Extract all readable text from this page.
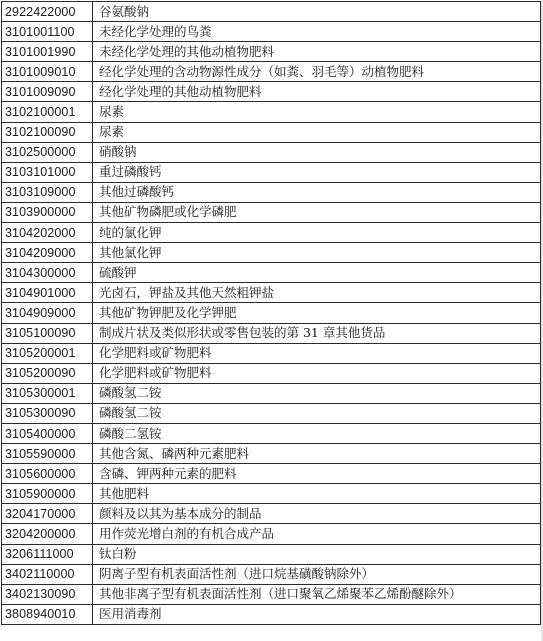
2922422000	谷氨酸钠
3101001100	未经化学处理的鸟粪
3101001990	未经化学处理的其他动植物肥料
3101009010	经化学处理的含动物源性成分（如粪、羽毛等）动植物肥料
3101009090	经化学处理的其他动植物肥料
3102100001	尿素
3102100090	尿素
3102500000	硝酸钠
3103101000	重过磷酸钙
3103109000	其他过磷酸钙
3103900000	其他矿物磷肥或化学磷肥
3104202000	纯的氯化钾
3104209000	其他氯化钾
3104300000	硫酸钾
3104901000	光卤石，钾盐及其他天然粗钾盐
3104909000	其他矿物钾肥及化学钾肥
3105100090	制成片状及类似形状或零售包装的第 31 章其他货品
3105200001	化学肥料或矿物肥料
3105200090	化学肥料或矿物肥料
3105300001	磷酸氢二铵
3105300090	磷酸氢二铵
3105400000	磷酸二氢铵
3105590000	其他含氮、磷两种元素肥料
3105600000	含磷、钾两种元素的肥料
3105900000	其他肥料
3204170000	颜料及以其为基本成分的制品
3204200000	用作荧光增白剂的有机合成产品
3206111000	钛白粉
3402110000	阴离子型有机表面活性剂（进口烷基磺酸钠除外）
3402130090	其他非离子型有机表面活性剂（进口聚氧乙烯聚苯乙烯酚醚除外）
3808940010	医用消毒剂
